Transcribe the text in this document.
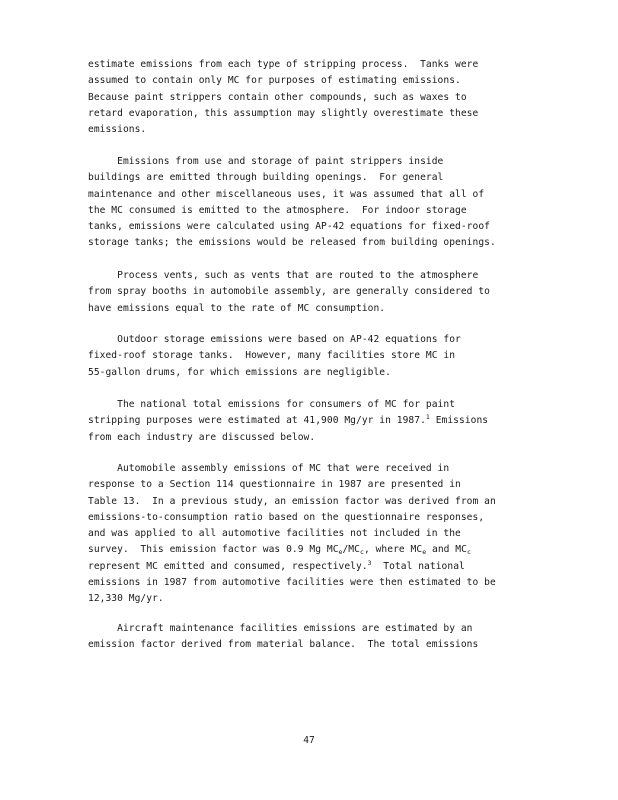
estimate emissions from each type of stripping process.  Tanks were
assumed to contain only MC for purposes of estimating emissions.
Because paint strippers contain other compounds, such as waxes to
retard evaporation, this assumption may slightly overestimate these
emissions.
Emissions from use and storage of paint strippers inside
buildings are emitted through building openings.  For general
maintenance and other miscellaneous uses, it was assumed that all of
the MC consumed is emitted to the atmosphere.  For indoor storage
tanks, emissions were calculated using AP-42 equations for fixed-roof
storage tanks; the emissions would be released from building openings.
Process vents, such as vents that are routed to the atmosphere
from spray booths in automobile assembly, are generally considered to
have emissions equal to the rate of MC consumption.
Outdoor storage emissions were based on AP-42 equations for
fixed-roof storage tanks.  However, many facilities store MC in
55-gallon drums, for which emissions are negligible.
The national total emissions for consumers of MC for paint
stripping purposes were estimated at 41,900 Mg/yr in 1987.$^1$ Emissions
from each industry are discussed below.
Automobile assembly emissions of MC that were received in
response to a Section 114 questionnaire in 1987 are presented in
Table 13.  In a previous study, an emission factor was derived from an
emissions-to-consumption ratio based on the questionnaire responses,
and was applied to all automotive facilities not included in the
survey.  This emission factor was 0.9 Mg $MC_e/MC_c$, where $MC_e$ and $MC_c$
represent MC emitted and consumed, respectively.$^3$  Total national
emissions in 1987 from automotive facilities were then estimated to be
12,330 Mg/yr.
Aircraft maintenance facilities emissions are estimated by an
emission factor derived from material balance.  The total emissions
47
